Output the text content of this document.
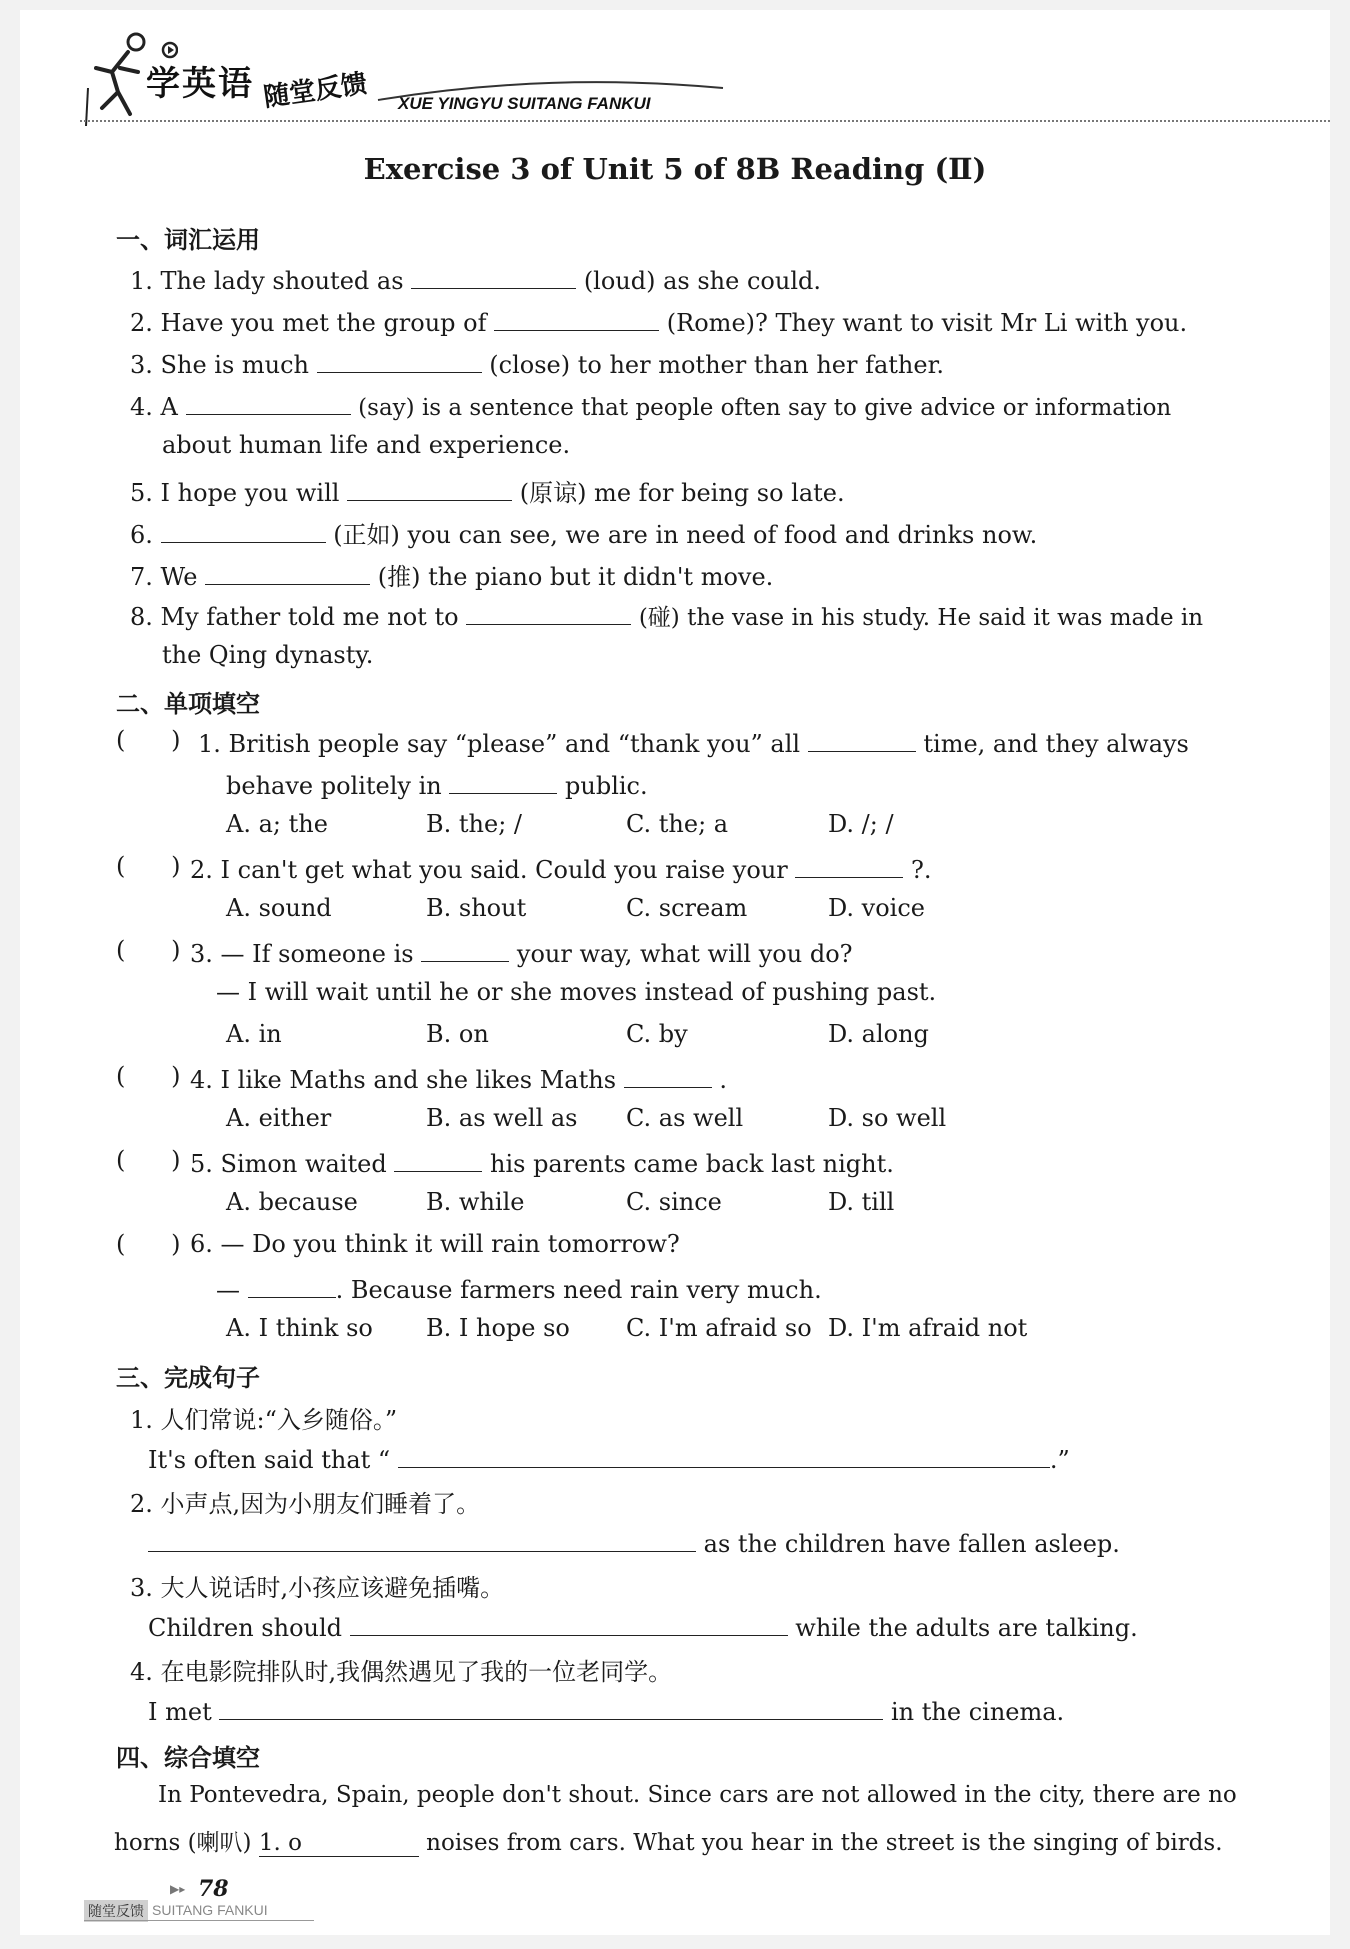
学英语 随堂反馈 XUE YINGYU SUITANG FANKUI
Exercise 3 of Unit 5 of 8B Reading (Ⅱ)
一、词汇运用
1. The lady shouted as	(loud) as she could.
2. Have you met the group of	(Rome)? They want to visit Mr Li with you.
3. She is much	(close) to her mother than her father.
4. A	(say) is a sentence that people often say to give advice or information
about human life and experience.
5. I hope you will	(原谅) me for being so late.
6.	(正如) you can see, we are in need of food and drinks now.
7. We	(推) the piano but it didn't move.
8. My father told me not to	(碰) the vase in his study. He said it was made in
the Qing dynasty.
二、单项填空
(      ) 1. British people say “please” and “thank you” all	time, and they always
behave politely in	public.
A. a; the	B. the; /	C. the; a	D. /; /
(      ) 2. I can't get what you said. Could you raise your	?.
A. sound	B. shout	C. scream	D. voice
(      ) 3. — If someone is	your way, what will you do?
— I will wait until he or she moves instead of pushing past.
A. in	B. on	C. by	D. along
(      ) 4. I like Maths and she likes Maths	.
A. either	B. as well as C. as well	D. so well
(      ) 5. Simon waited	his parents came back last night.
A. because	B. while	C. since	D. till
(      ) 6. — Do you think it will rain tomorrow?
—	. Because farmers need rain very much.
A. I think so B. I hope so C. I'm afraid so D. I'm afraid not
三、完成句子
1. 人们常说:“入乡随俗。”
It's often said that “	.”
2. 小声点,因为小朋友们睡着了。
as the children have fallen asleep.
3. 大人说话时,小孩应该避免插嘴。
Children should	while the adults are talking.
4. 在电影院排队时,我偶然遇见了我的一位老同学。
I met	in the cinema.
四、综合填空
In Pontevedra, Spain, people don't shout. Since cars are not allowed in the city, there are no
horns (喇叭) 1. o	noises from cars. What you hear in the street is the singing of birds.
▶▸ 78
随堂反馈 SUITANG FANKUI
